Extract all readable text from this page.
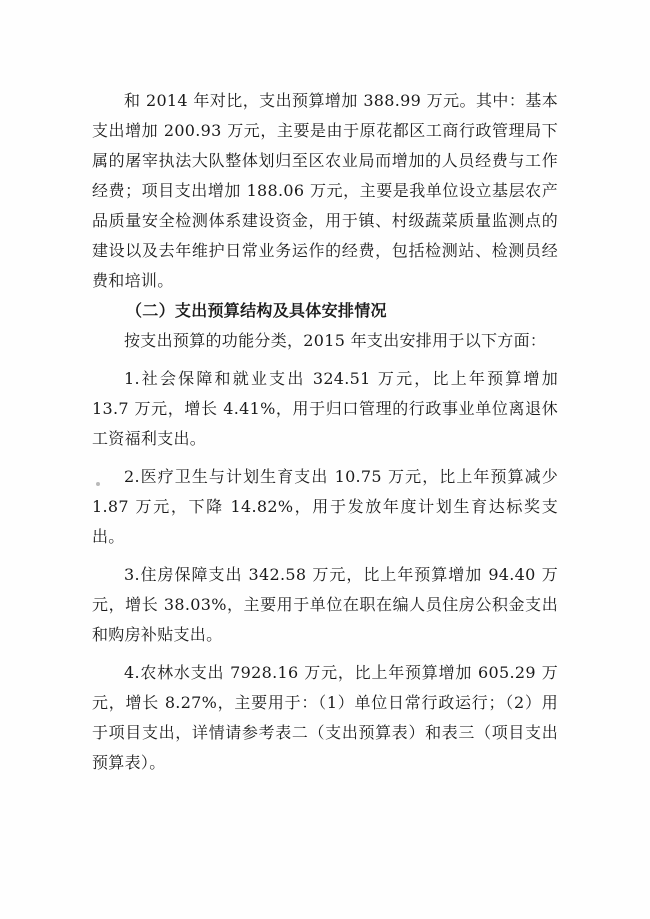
和 2014 年对比，支出预算增加 388.99 万元。其中：基本支出增加 200.93 万元，主要是由于原花都区工商行政管理局下属的屠宰执法大队整体划归至区农业局而增加的人员经费与工作经费；项目支出增加 188.06 万元，主要是我单位设立基层农产品质量安全检测体系建设资金，用于镇、村级蔬菜质量监测点的建设以及去年维护日常业务运作的经费，包括检测站、检测员经费和培训。

（二）支出预算结构及具体安排情况

按支出预算的功能分类，2015 年支出安排用于以下方面：

1.社会保障和就业支出 324.51 万元，比上年预算增加 13.7 万元，增长 4.41%，用于归口管理的行政事业单位离退休工资福利支出。

2.医疗卫生与计划生育支出 10.75 万元，比上年预算减少 1.87 万元，下降 14.82%，用于发放年度计划生育达标奖支出。

3.住房保障支出 342.58 万元，比上年预算增加 94.40 万元，增长 38.03%，主要用于单位在职在编人员住房公积金支出和购房补贴支出。

4.农林水支出 7928.16 万元，比上年预算增加 605.29 万元，增长 8.27%，主要用于：（1）单位日常行政运行；（2）用于项目支出，详情请参考表二（支出预算表）和表三（项目支出预算表）。
